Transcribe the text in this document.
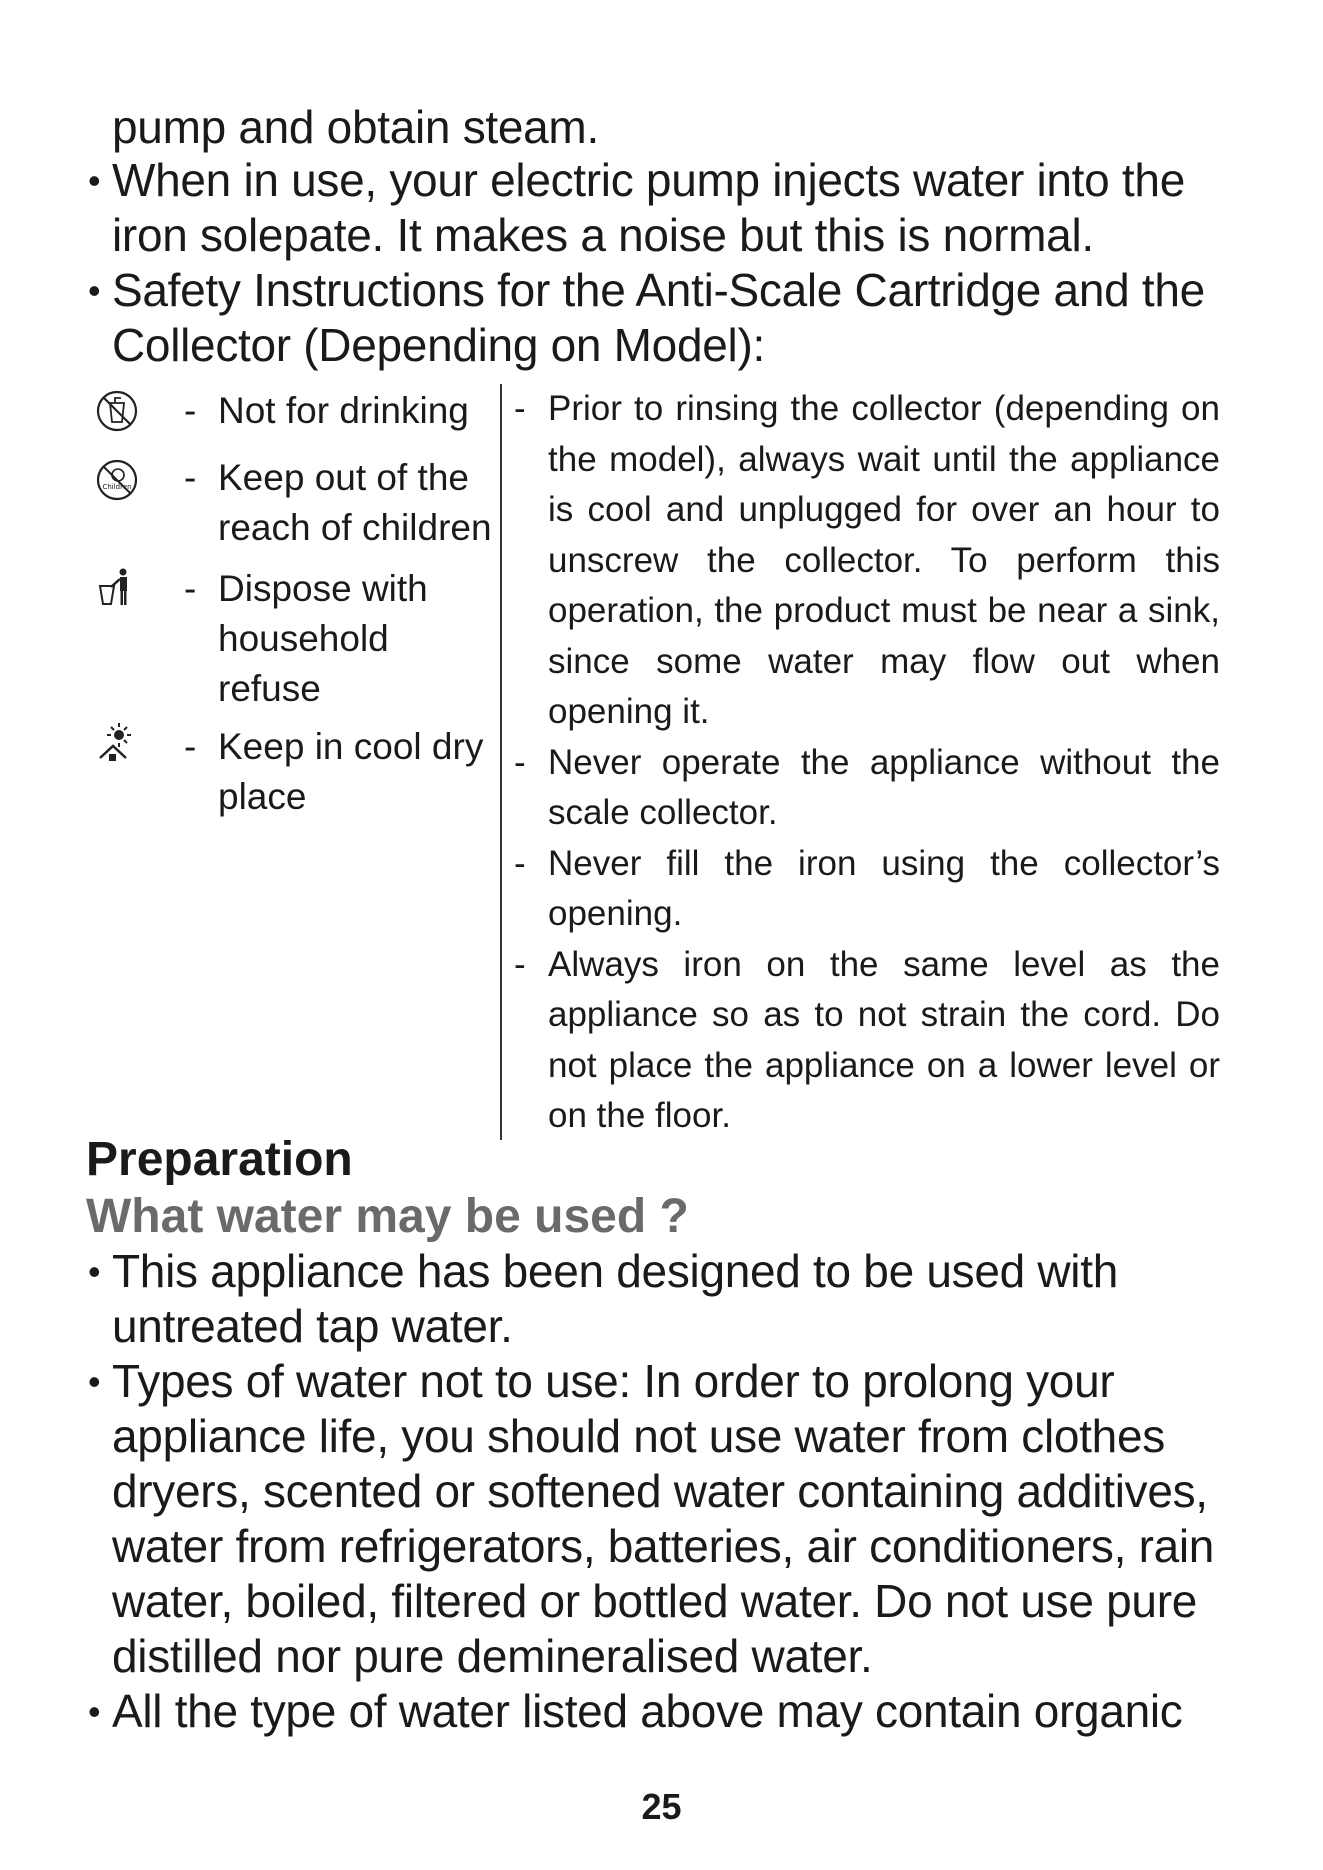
pump and obtain steam.
• When in use, your electric pump injects water into the
iron solepate. It makes a noise but this is normal.
• Safety Instructions for the Anti-Scale Cartridge and the
Collector (Depending on Model):
- Not for drinking
Children - Keep out of the
reach of children
- Dispose with
household
refuse
- Keep in cool dry
place
- Prior to rinsing the collector (depending on the model), always wait until the appliance is cool and unplugged for over an hour to unscrew the collector. To perform this operation, the product must be near a sink, since some water may flow out when opening it.
- Never operate the appliance without the scale collector.
- Never fill the iron using the collector’s opening.
- Always iron on the same level as the appliance so as to not strain the cord. Do not place the appliance on a lower level or on the floor.
Preparation
What water may be used ?
• This appliance has been designed to be used with
untreated tap water.
• Types of water not to use: In order to prolong your
appliance life, you should not use water from clothes
dryers, scented or softened water containing additives,
water from refrigerators, batteries, air conditioners, rain
water, boiled, filtered or bottled water. Do not use pure
distilled nor pure demineralised water.
• All the type of water listed above may contain organic
25
